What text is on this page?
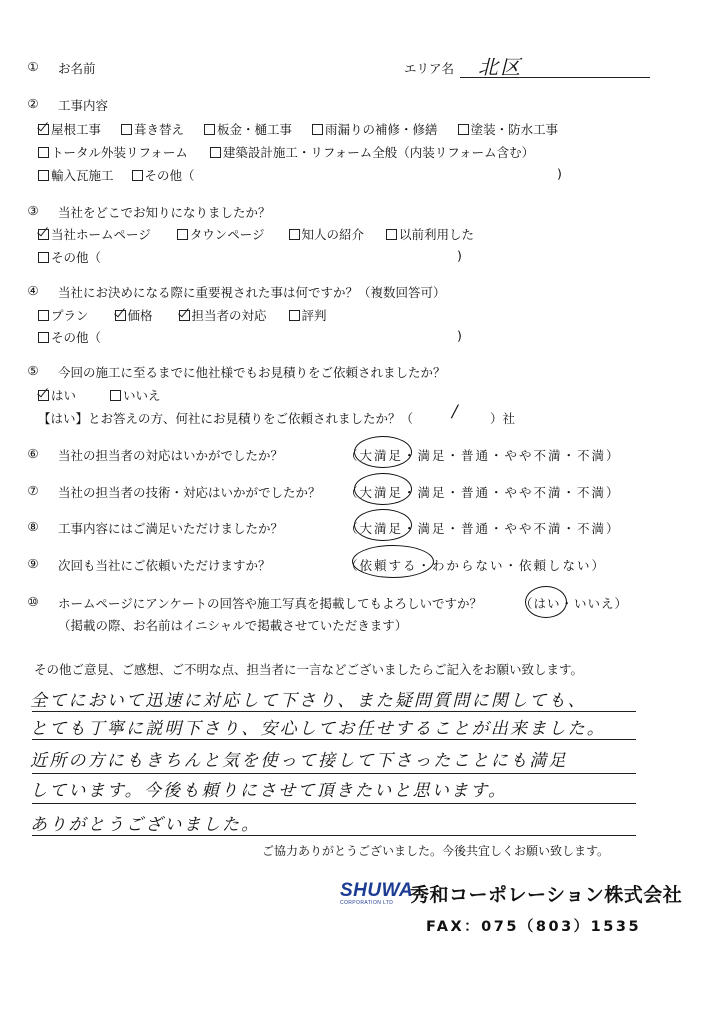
① お名前	エリア名 北区
② 工事内容
屋根工事	葺き替え	板金・樋工事	雨漏りの補修・修繕	塗装・防水工事
トータル外装リフォーム	建築設計施工・リフォーム全般（内装リフォーム含む）
輸入瓦施工 その他（	)
③ 当社をどこでお知りになりましたか？
当社ホームページ	タウンページ	知人の紹介	以前利用した
その他（	)
④ 当社にお決めになる際に重要視された事は何ですか？（複数回答可）
プラン	価格	担当者の対応	評判
その他（	)
⑤ 今回の施工に至るまでに他社様でもお見積りをご依頼されましたか？
はい	いいえ
【はい】とお答えの方、何社にお見積りをご依頼されましたか？（ / ）社
⑥ 当社の担当者の対応はいかがでしたか？	（大満足・満足・普通・やや不満・不満）
⑦ 当社の担当者の技術・対応はいかがでしたか？ （大満足・満足・普通・やや不満・不満）
⑧ 工事内容にはご満足いただけましたか？	（大満足・満足・普通・やや不満・不満）
⑨ 次回も当社にご依頼いただけますか？	（依頼する・わからない・依頼しない）
⑩ ホームページにアンケートの回答や施工写真を掲載してもよろしいですか？	（はい・いいえ）
（掲載の際、お名前はイニシャルで掲載させていただきます）
その他ご意見、ご感想、ご不明な点、担当者に一言などございましたらご記入をお願い致します。
全てにおいて迅速に対応して下さり、また疑問質問に関しても、
とても丁寧に説明下さり、安心してお任せすることが出来ました。
近所の方にもきちんと気を使って接して下さったことにも満足
しています。今後も頼りにさせて頂きたいと思います。
ありがとうございました。
ご協力ありがとうございました。今後共宜しくお願い致します。
SHUWA
CORPORATION LTD 秀和コーポレーション株式会社
FAX：075（803）1535
